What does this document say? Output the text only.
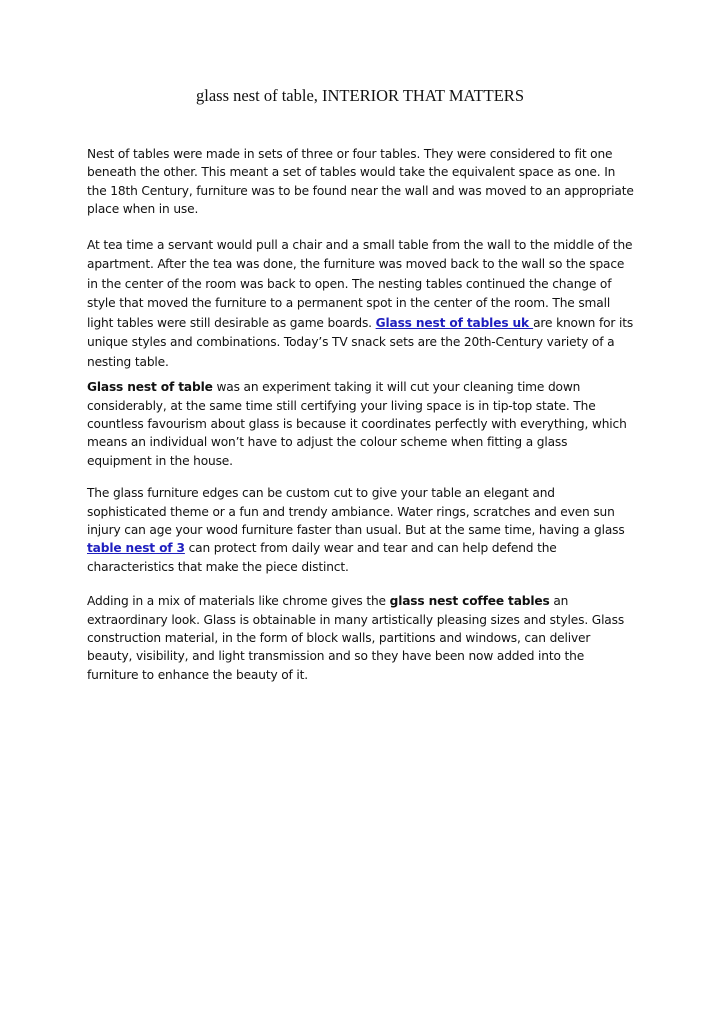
glass nest of table, INTERIOR THAT MATTERS

Nest of tables were made in sets of three or four tables. They were considered to fit one beneath the other. This meant a set of tables would take the equivalent space as one. In the 18th Century, furniture was to be found near the wall and was moved to an appropriate place when in use.

At tea time a servant would pull a chair and a small table from the wall to the middle of the apartment. After the tea was done, the furniture was moved back to the wall so the space in the center of the room was back to open. The nesting tables continued the change of style that moved the furniture to a permanent spot in the center of the room. The small light tables were still desirable as game boards. Glass nest of tables uk are known for its unique styles and combinations. Today’s TV snack sets are the 20th-Century variety of a nesting table.

Glass nest of table was an experiment taking it will cut your cleaning time down considerably, at the same time still certifying your living space is in tip-top state. The countless favourism about glass is because it coordinates perfectly with everything, which means an individual won’t have to adjust the colour scheme when fitting a glass equipment in the house.

The glass furniture edges can be custom cut to give your table an elegant and sophisticated theme or a fun and trendy ambiance. Water rings, scratches and even sun injury can age your wood furniture faster than usual. But at the same time, having a glass table nest of 3 can protect from daily wear and tear and can help defend the characteristics that make the piece distinct.

Adding in a mix of materials like chrome gives the glass nest coffee tables an extraordinary look. Glass is obtainable in many artistically pleasing sizes and styles. Glass construction material, in the form of block walls, partitions and windows, can deliver beauty, visibility, and light transmission and so they have been now added into the furniture to enhance the beauty of it.
